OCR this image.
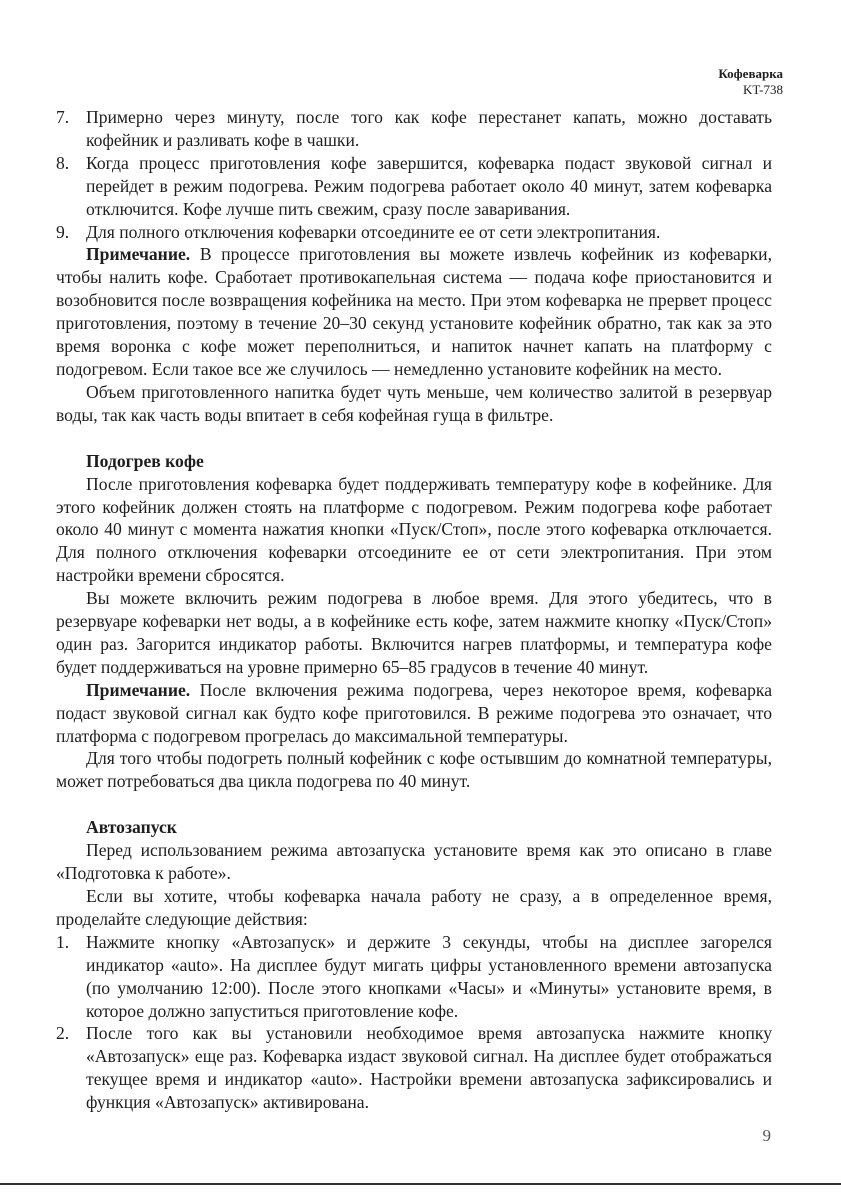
Кофеварка
KT-738
7. Примерно через минуту, после того как кофе перестанет капать, можно доставать кофейник и разливать кофе в чашки.
8. Когда процесс приготовления кофе завершится, кофеварка подаст звуковой сигнал и перейдет в режим подогрева. Режим подогрева работает около 40 минут, затем кофеварка отключится. Кофе лучше пить свежим, сразу после заваривания.
9. Для полного отключения кофеварки отсоедините ее от сети электропитания.

Примечание. В процессе приготовления вы можете извлечь кофейник из кофеварки, чтобы налить кофе. Сработает противокапельная система — подача кофе приостановится и возобновится после возвращения кофейника на место. При этом кофеварка не прервет процесс приготовления, поэтому в течение 20–30 секунд установите кофейник обратно, так как за это время воронка с кофе может переполниться, и напиток начнет капать на платформу с подогревом. Если такое все же случилось — немедленно установите кофейник на место.

Объем приготовленного напитка будет чуть меньше, чем количество залитой в резервуар воды, так как часть воды впитает в себя кофейная гуща в фильтре.

Подогрев кофе

После приготовления кофеварка будет поддерживать температуру кофе в кофейнике. Для этого кофейник должен стоять на платформе с подогревом. Режим подогрева кофе работает около 40 минут с момента нажатия кнопки «Пуск/Стоп», после этого кофеварка отключается. Для полного отключения кофеварки отсоедините ее от сети электропитания. При этом настройки времени сбросятся.

Вы можете включить режим подогрева в любое время. Для этого убедитесь, что в резервуаре кофеварки нет воды, а в кофейнике есть кофе, затем нажмите кнопку «Пуск/Стоп» один раз. Загорится индикатор работы. Включится нагрев платформы, и температура кофе будет поддерживаться на уровне примерно 65–85 градусов в течение 40 минут.

Примечание. После включения режима подогрева, через некоторое время, кофеварка подаст звуковой сигнал как будто кофе приготовился. В режиме подогрева это означает, что платформа с подогревом прогрелась до максимальной температуры.

Для того чтобы подогреть полный кофейник с кофе остывшим до комнатной температуры, может потребоваться два цикла подогрева по 40 минут.

Автозапуск

Перед использованием режима автозапуска установите время как это описано в главе «Подготовка к работе».

Если вы хотите, чтобы кофеварка начала работу не сразу, а в определенное время, проделайте следующие действия:

1. Нажмите кнопку «Автозапуск» и держите 3 секунды, чтобы на дисплее загорелся индикатор «auto». На дисплее будут мигать цифры установленного времени автозапуска (по умолчанию 12:00). После этого кнопками «Часы» и «Минуты» установите время, в которое должно запуститься приготовление кофе.
2. После того как вы установили необходимое время автозапуска нажмите кнопку «Автозапуск» еще раз. Кофеварка издаст звуковой сигнал. На дисплее будет отображаться текущее время и индикатор «auto». Настройки времени автозапуска зафиксировались и функция «Автозапуск» активирована.
9
